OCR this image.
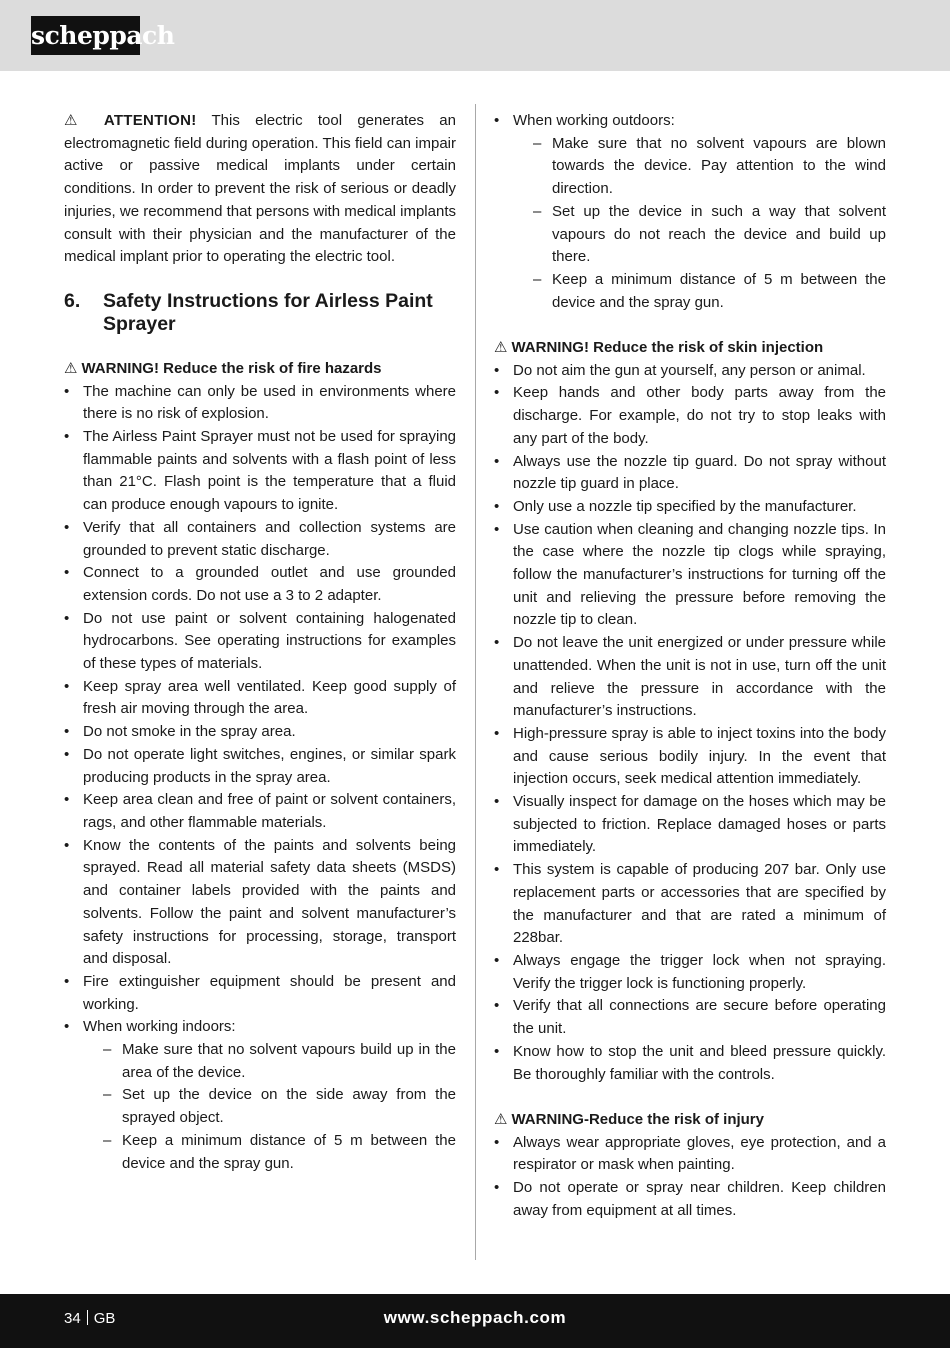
scheppach

⚠ ATTENTION! This electric tool generates an electromagnetic field during operation. This field can impair active or passive medical implants under certain conditions. In order to prevent the risk of serious or deadly injuries, we recommend that persons with medical implants consult with their physician and the manufacturer of the medical implant prior to operating the electric tool.

6.	Safety Instructions for Airless Paint Sprayer
⚠ WARNING! Reduce the risk of fire hazards
• The machine can only be used in environments where there is no risk of explosion.
• The Airless Paint Sprayer must not be used for spraying flammable paints and solvents with a flash point of less than 21°C. Flash point is the temperature that a fluid can produce enough vapours to ignite.
• Verify that all containers and collection systems are grounded to prevent static discharge.
• Connect to a grounded outlet and use grounded extension cords. Do not use a 3 to 2 adapter.
• Do not use paint or solvent containing halogenated hydrocarbons. See operating instructions for examples of these types of materials.
• Keep spray area well ventilated. Keep good supply of fresh air moving through the area.
• Do not smoke in the spray area.
• Do not operate light switches, engines, or similar spark producing products in the spray area.
• Keep area clean and free of paint or solvent containers, rags, and other flammable materials.
• Know the contents of the paints and solvents being sprayed. Read all material safety data sheets (MSDS) and container labels provided with the paints and solvents. Follow the paint and solvent manufacturer’s safety instructions for processing, storage, transport and disposal.
• Fire extinguisher equipment should be present and working.
• When working indoors:
– Make sure that no solvent vapours build up in the area of the device.
– Set up the device on the side away from the sprayed object.
– Keep a minimum distance of 5 m between the device and the spray gun.
• When working outdoors:
– Make sure that no solvent vapours are blown towards the device. Pay attention to the wind direction.
– Set up the device in such a way that solvent vapours do not reach the device and build up there.
– Keep a minimum distance of 5 m between the device and the spray gun.
⚠ WARNING! Reduce the risk of skin injection
• Do not aim the gun at yourself, any person or animal.
• Keep hands and other body parts away from the discharge. For example, do not try to stop leaks with any part of the body.
• Always use the nozzle tip guard. Do not spray without nozzle tip guard in place.
• Only use a nozzle tip specified by the manufacturer.
• Use caution when cleaning and changing nozzle tips. In the case where the nozzle tip clogs while spraying, follow the manufacturer’s instructions for turning off the unit and relieving the pressure before removing the nozzle tip to clean.
• Do not leave the unit energized or under pressure while unattended. When the unit is not in use, turn off the unit and relieve the pressure in accordance with the manufacturer’s instructions.
• High-pressure spray is able to inject toxins into the body and cause serious bodily injury. In the event that injection occurs, seek medical attention immediately.
• Visually inspect for damage on the hoses which may be subjected to friction. Replace damaged hoses or parts immediately.
• This system is capable of producing 207 bar. Only use replacement parts or accessories that are specified by the manufacturer and that are rated a minimum of 228bar.
• Always engage the trigger lock when not spraying. Verify the trigger lock is functioning properly.
• Verify that all connections are secure before operating the unit.
• Know how to stop the unit and bleed pressure quickly. Be thoroughly familiar with the controls.
⚠ WARNING-Reduce the risk of injury
• Always wear appropriate gloves, eye protection, and a respirator or mask when painting.
• Do not operate or spray near children. Keep children away from equipment at all times.
34 GB	www.scheppach.com
